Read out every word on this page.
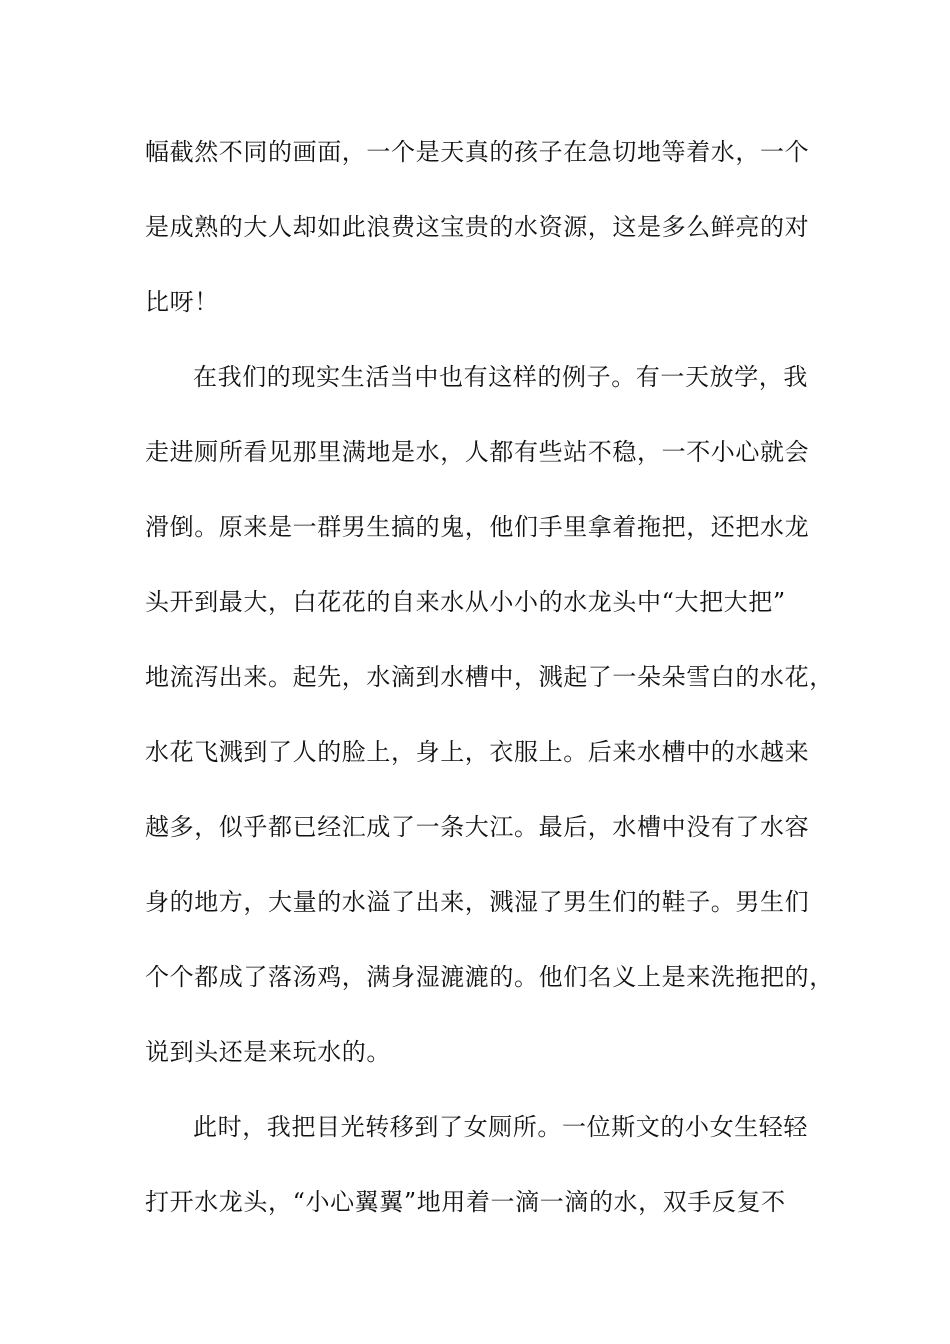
幅截然不同的画面，一个是天真的孩子在急切地等着水，一个
是成熟的大人却如此浪费这宝贵的水资源，这是多么鲜亮的对
比呀！
在我们的现实生活当中也有这样的例子。有一天放学，我
走进厕所看见那里满地是水，人都有些站不稳，一不小心就会
滑倒。原来是一群男生搞的鬼，他们手里拿着拖把，还把水龙
头开到最大，白花花的自来水从小小的水龙头中“大把大把”
地流泻出来。起先，水滴到水槽中，溅起了一朵朵雪白的水花，
水花飞溅到了人的脸上，身上，衣服上。后来水槽中的水越来
越多，似乎都已经汇成了一条大江。最后，水槽中没有了水容
身的地方，大量的水溢了出来，溅湿了男生们的鞋子。男生们
个个都成了落汤鸡，满身湿漉漉的。他们名义上是来洗拖把的，
说到头还是来玩水的。
此时，我把目光转移到了女厕所。一位斯文的小女生轻轻
打开水龙头，“小心翼翼”地用着一滴一滴的水，双手反复不
